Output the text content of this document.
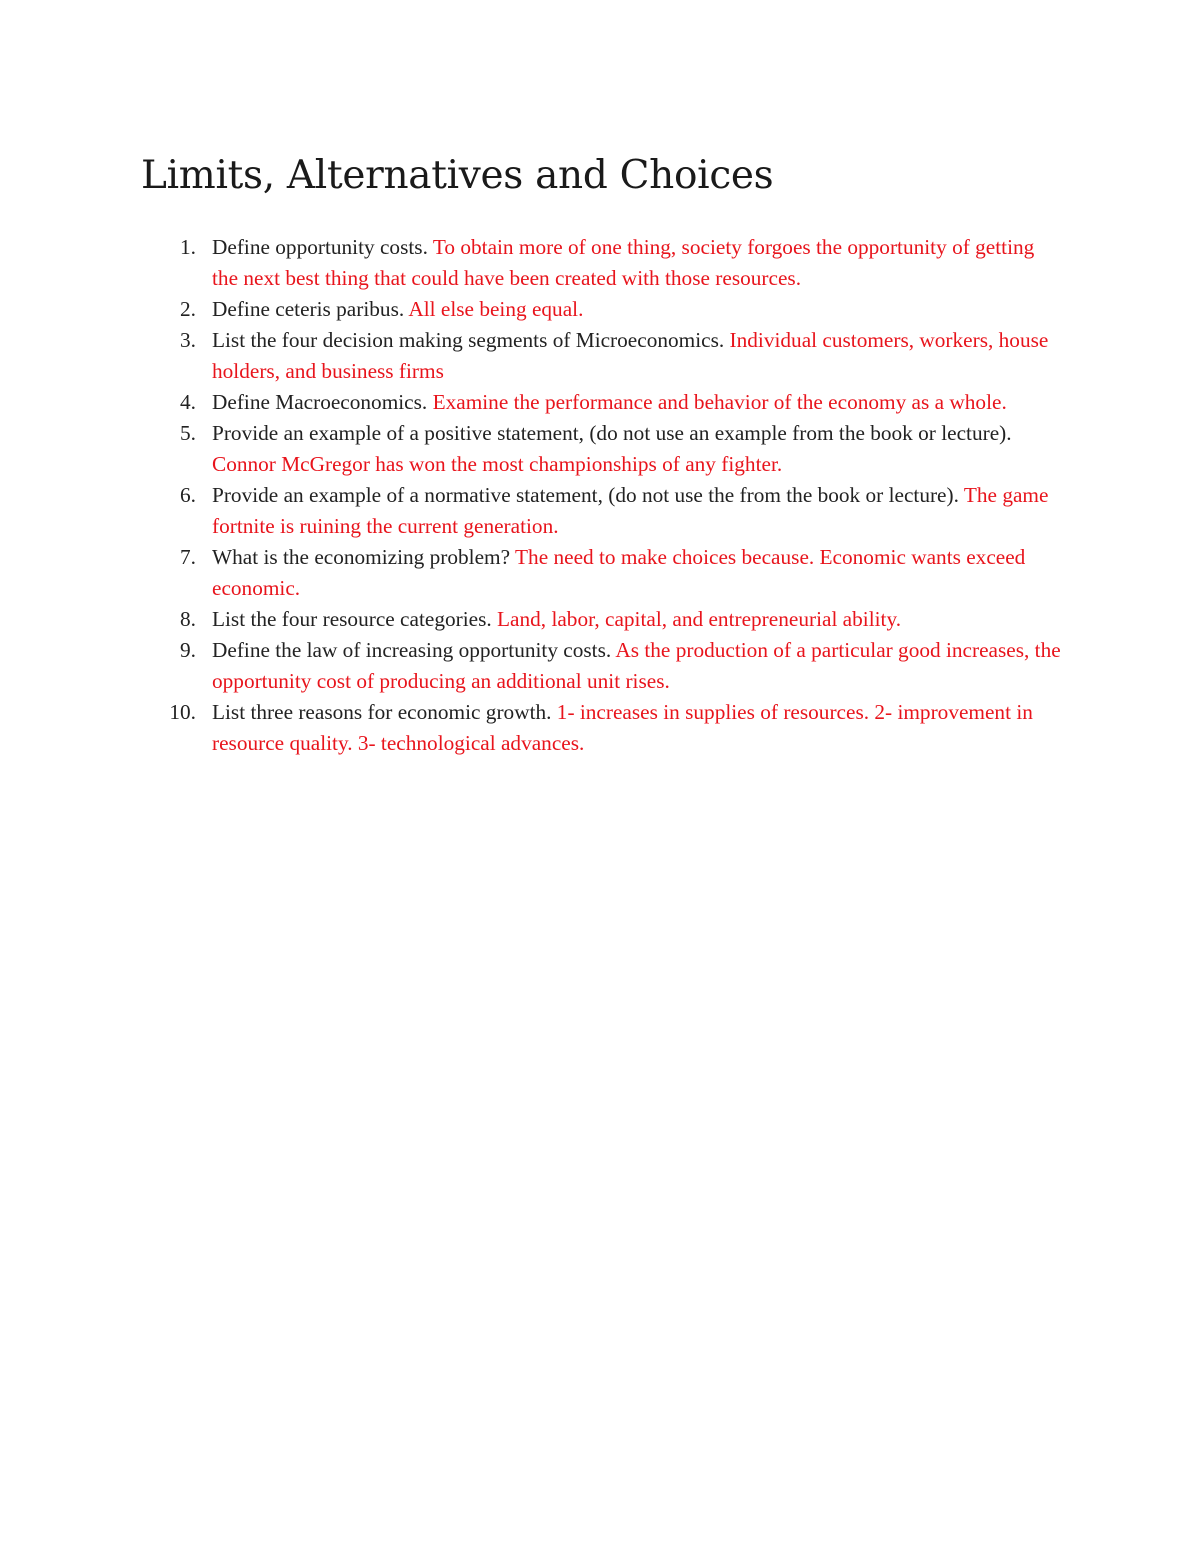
Limits, Alternatives and Choices
1. Define opportunity costs. To obtain more of one thing, society forgoes the opportunity of getting the next best thing that could have been created with those resources.
2. Define ceteris paribus. All else being equal.
3. List the four decision making segments of Microeconomics. Individual customers, workers, house holders, and business firms
4. Define Macroeconomics. Examine the performance and behavior of the economy as a whole.
5. Provide an example of a positive statement, (do not use an example from the book or lecture). Connor McGregor has won the most championships of any fighter.
6. Provide an example of a normative statement, (do not use the from the book or lecture). The game fortnite is ruining the current generation.
7. What is the economizing problem? The need to make choices because. Economic wants exceed economic.
8. List the four resource categories. Land, labor, capital, and entrepreneurial ability.
9. Define the law of increasing opportunity costs. As the production of a particular good increases, the opportunity cost of producing an additional unit rises.
10. List three reasons for economic growth. 1- increases in supplies of resources. 2- improvement in resource quality. 3- technological advances.
